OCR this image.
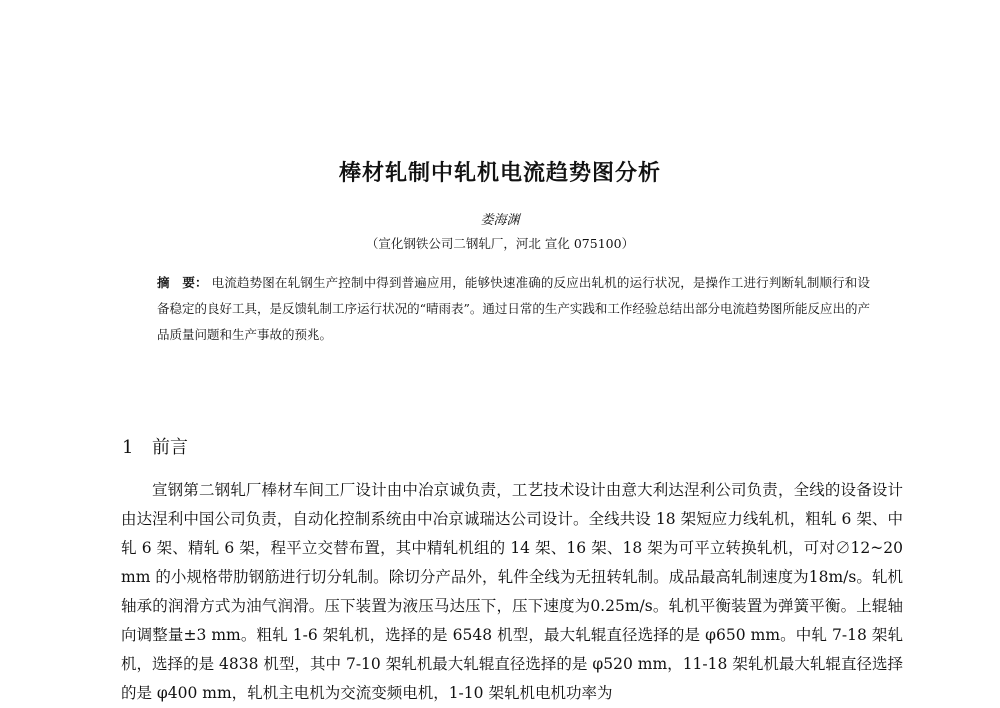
棒材轧制中轧机电流趋势图分析
娄海渊
（宣化钢铁公司二钢轧厂，河北 宣化 075100）

摘　要： 电流趋势图在轧钢生产控制中得到普遍应用，能够快速准确的反应出轧机的运行状况，是操作工进行判断轧制顺行和设备稳定的良好工具，是反馈轧制工序运行状况的“晴雨表”。通过日常的生产实践和工作经验总结出部分电流趋势图所能反应出的产品质量问题和生产事故的预兆。

1 前言

宣钢第二钢轧厂棒材车间工厂设计由中冶京诚负责，工艺技术设计由意大利达涅利公司负责，全线的设备设计由达涅利中国公司负责，自动化控制系统由中冶京诚瑞达公司设计。全线共设 18 架短应力线轧机，粗轧 6 架、中轧 6 架、精轧 6 架，程平立交替布置，其中精轧机组的 14 架、16 架、18 架为可平立转换轧机，可对∅12~20 mm 的小规格带肋钢筋进行切分轧制。除切分产品外，轧件全线为无扭转轧制。成品最高轧制速度为18m/s。轧机轴承的润滑方式为油气润滑。压下装置为液压马达压下，压下速度为0.25m/s。轧机平衡装置为弹簧平衡。上辊轴向调整量±3 mm。粗轧 1-6 架轧机，选择的是 6548 机型，最大轧辊直径选择的是 φ650 mm。中轧 7-18 架轧机，选择的是 4838 机型，其中 7-10 架轧机最大轧辊直径选择的是 φ520 mm，11-18 架轧机最大轧辊直径选择的是 φ400 mm，轧机主电机为交流变频电机，1-10 架轧机电机功率为
